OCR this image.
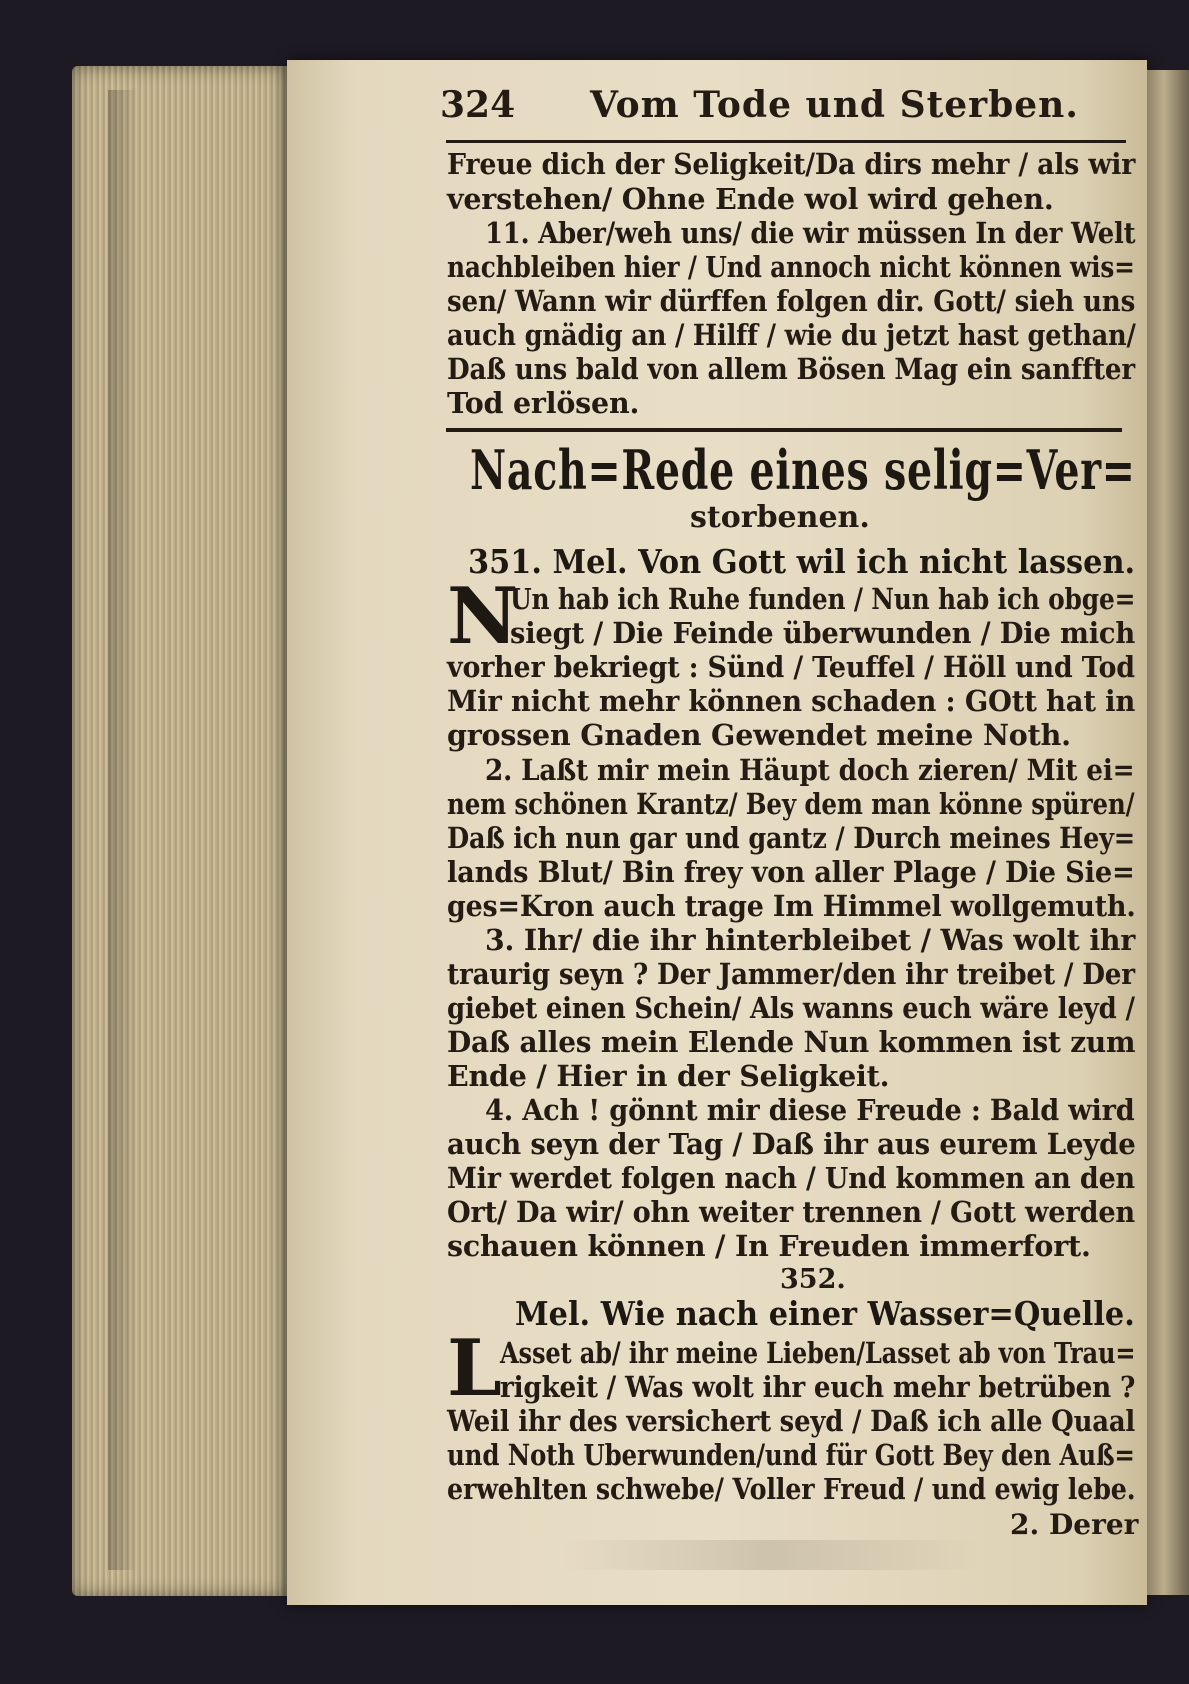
324 Vom Tode und Sterben.
Freue dich der Seligkeit/Da dirs mehr / als wir
verstehen/ Ohne Ende wol wird gehen.
11. Aber/weh uns/ die wir müssen In der Welt
nachbleiben hier / Und annoch nicht können wis=
sen/ Wann wir dürffen folgen dir. Gott/ sieh uns
auch gnädig an / Hilff / wie du jetzt hast gethan/
Daß uns bald von allem Bösen Mag ein sanffter
Tod erlösen.
Nach=Rede eines selig=Ver=
storbenen.
351. Mel. Von Gott wil ich nicht lassen.
N
Un hab ich Ruhe funden / Nun hab ich obge=
siegt / Die Feinde überwunden / Die mich
vorher bekriegt : Sünd / Teuffel / Höll und Tod
Mir nicht mehr können schaden : GOtt hat in
grossen Gnaden Gewendet meine Noth.
2. Laßt mir mein Häupt doch zieren/ Mit ei=
nem schönen Krantz/ Bey dem man könne spüren/
Daß ich nun gar und gantz / Durch meines Hey=
lands Blut/ Bin frey von aller Plage / Die Sie=
ges=Kron auch trage Im Himmel wollgemuth.
3. Ihr/ die ihr hinterbleibet / Was wolt ihr
traurig seyn ? Der Jammer/den ihr treibet / Der
giebet einen Schein/ Als wanns euch wäre leyd /
Daß alles mein Elende Nun kommen ist zum
Ende / Hier in der Seligkeit.
4. Ach ! gönnt mir diese Freude : Bald wird
auch seyn der Tag / Daß ihr aus eurem Leyde
Mir werdet folgen nach / Und kommen an den
Ort/ Da wir/ ohn weiter trennen / Gott werden
schauen können / In Freuden immerfort.
352.
Mel. Wie nach einer Wasser=Quelle.
L
Asset ab/ ihr meine Lieben/Lasset ab von Trau=
rigkeit / Was wolt ihr euch mehr betrüben ?
Weil ihr des versichert seyd / Daß ich alle Quaal
und Noth Uberwunden/und für Gott Bey den Auß=
erwehlten schwebe/ Voller Freud / und ewig lebe.
2. Derer
